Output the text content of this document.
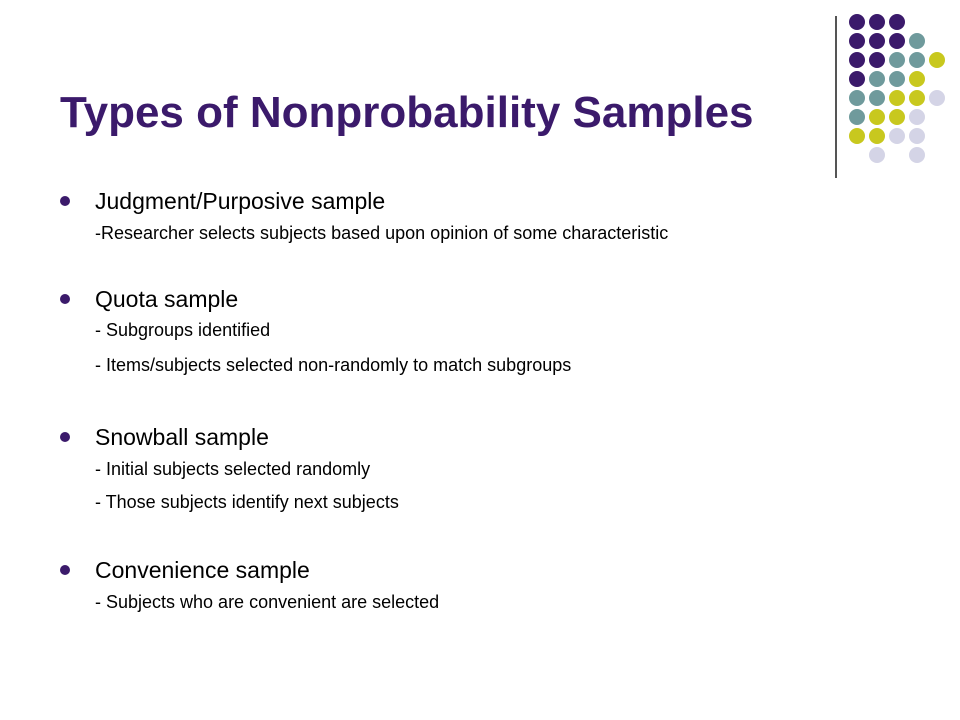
Types of Nonprobability Samples
Judgment/Purposive sample
-Researcher selects subjects based upon opinion of some characteristic
Quota sample
- Subgroups identified
- Items/subjects selected non-randomly to match subgroups
Snowball sample
- Initial subjects selected randomly
- Those subjects identify next subjects
Convenience sample
- Subjects who are convenient are selected
